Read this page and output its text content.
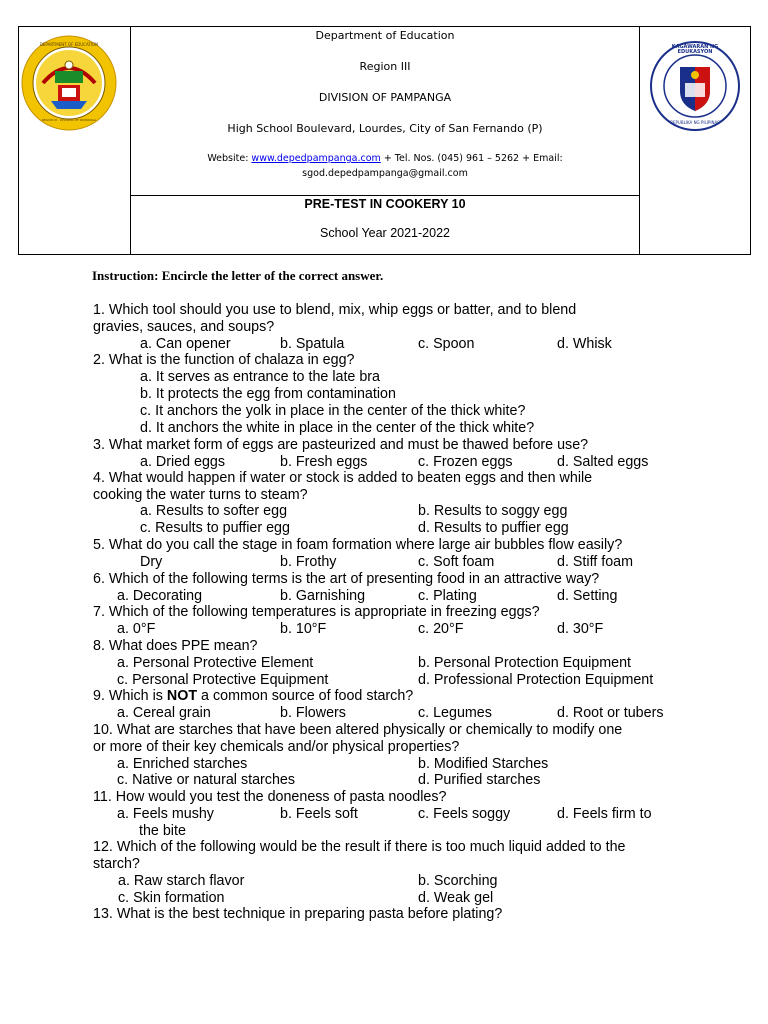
DEPARTMENT OF EDUCATION
REGION III · DIVISION OF PAMPANGA
KAGAWARAN NG EDUKASYON
REPUBLIKA NG PILIPINAS
Department of Education
Region III
DIVISION OF PAMPANGA
High School Boulevard, Lourdes, City of San Fernando (P)
Website: www.depedpampanga.com + Tel. Nos. (045) 961 – 5262 + Email:
sgod.depedpampanga@gmail.com
PRE-TEST IN COOKERY 10
School Year 2021-2022
Instruction: Encircle the letter of the correct answer.
1. Which tool should you use to blend, mix, whip eggs or batter, and to blend
gravies, sauces, and soups?
a. Can opener	b. Spatula	c. Spoon	d. Whisk
2. What is the function of chalaza in egg?
a. It serves as entrance to the late bra
b. It protects the egg from contamination
c. It anchors the yolk in place in the center of the thick white?
d. It anchors the white in place in the center of the thick white?
3. What market form of eggs are pasteurized and must be thawed before use?
a. Dried eggs	b. Fresh eggs	c. Frozen eggs	d. Salted eggs
4. What would happen if water or stock is added to beaten eggs and then while
cooking the water turns to steam?
a. Results to softer egg	b. Results to soggy egg
c. Results to puffier egg	d. Results to puffier egg
5. What do you call the stage in foam formation where large air bubbles flow easily?
Dry	b. Frothy	c. Soft foam	d. Stiff foam
6. Which of the following terms is the art of presenting food in an attractive way?
a. Decorating	b. Garnishing	c. Plating	d. Setting
7. Which of the following temperatures is appropriate in freezing eggs?
a. 0°F	b. 10°F	c. 20°F	d. 30°F
8. What does PPE mean?
a. Personal Protective Element	b. Personal Protection Equipment
c. Personal Protective Equipment	d. Professional Protection Equipment
9. Which is NOT a common source of food starch?
a. Cereal grain	b. Flowers	c. Legumes	d. Root or tubers
10. What are starches that have been altered physically or chemically to modify one
or more of their key chemicals and/or physical properties?
a. Enriched starches	b. Modified Starches
c. Native or natural starches	d. Purified starches
11. How would you test the doneness of pasta noodles?
a. Feels mushy	b. Feels soft	c. Feels soggy	d. Feels firm to
the bite
12. Which of the following would be the result if there is too much liquid added to the
starch?
a. Raw starch flavor	b. Scorching
c. Skin formation	d. Weak gel
13. What is the best technique in preparing pasta before plating?
